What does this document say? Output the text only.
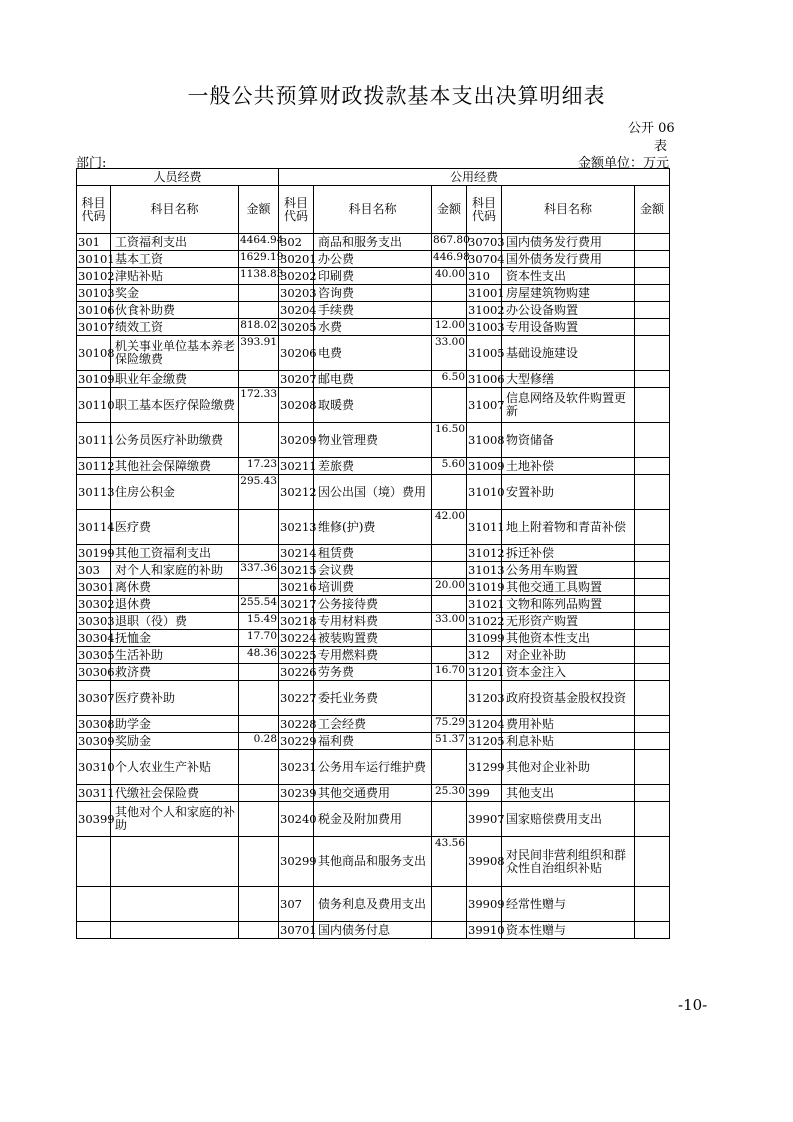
一般公共预算财政拨款基本支出决算明细表
公开 06
表
部门:	金额单位：万元
人员经费			公用经费					
科目代码	科目名称	金额	科目代码	科目名称	金额	科目代码	科目名称	金额
301	工资福利支出	4464.94	302	商品和服务支出	867.80	30703	国内债务发行费用	
30101	基本工资	1629.19	30201	办公费	446.98	30704	国外债务发行费用	
30102	津贴补贴	1138.83	30202	印刷费	40.00	310	资本性支出	
30103	奖金		30203	咨询费		31001	房屋建筑物购建	
30106	伙食补助费		30204	手续费		31002	办公设备购置	
30107	绩效工资	818.02	30205	水费	12.00	31003	专用设备购置	
30108	机关事业单位基本养老保险缴费	393.91	30206	电费	33.00	31005	基础设施建设	
30109	职业年金缴费		30207	邮电费	6.50	31006	大型修缮	
30110	职工基本医疗保险缴费	172.33	30208	取暖费		31007	信息网络及软件购置更新	
30111	公务员医疗补助缴费		30209	物业管理费	16.50	31008	物资储备	
30112	其他社会保障缴费	17.23	30211	差旅费	5.60	31009	土地补偿	
30113	住房公积金	295.43	30212	因公出国（境）费用		31010	安置补助	
30114	医疗费		30213	维修(护)费	42.00	31011	地上附着物和青苗补偿	
30199	其他工资福利支出		30214	租赁费		31012	拆迁补偿	
303	对个人和家庭的补助	337.36	30215	会议费		31013	公务用车购置	
30301	离休费		30216	培训费	20.00	31019	其他交通工具购置	
30302	退休费	255.54	30217	公务接待费		31021	文物和陈列品购置	
30303	退职（役）费	15.49	30218	专用材料费	33.00	31022	无形资产购置	
30304	抚恤金	17.70	30224	被装购置费		31099	其他资本性支出	
30305	生活补助	48.36	30225	专用燃料费		312	对企业补助	
30306	救济费		30226	劳务费	16.70	31201	资本金注入	
30307	医疗费补助		30227	委托业务费		31203	政府投资基金股权投资	
30308	助学金		30228	工会经费	75.29	31204	费用补贴	
30309	奖励金	0.28	30229	福利费	51.37	31205	利息补贴	
30310	个人农业生产补贴		30231	公务用车运行维护费		31299	其他对企业补助	
30311	代缴社会保险费		30239	其他交通费用	25.30	399	其他支出	
30399	其他对个人和家庭的补助		30240	税金及附加费用		39907	国家赔偿费用支出	
			30299	其他商品和服务支出	43.56	39908	对民间非营利组织和群众性自治组织补贴	
			307	债务利息及费用支出		39909	经常性赠与	
			30701	国内债务付息		39910	资本性赠与	
-10-
